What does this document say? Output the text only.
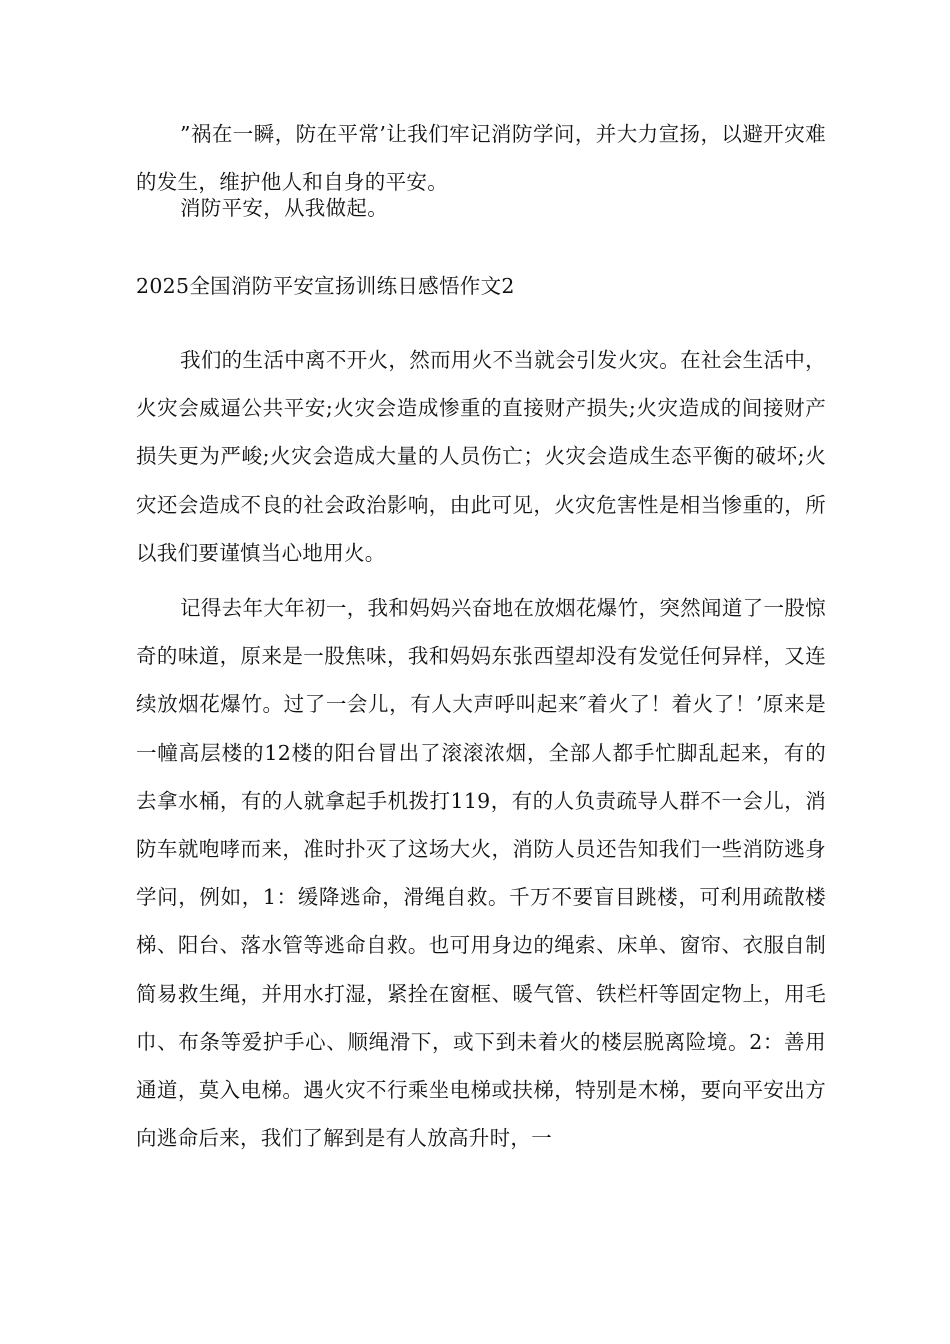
”祸在一瞬，防在平常’让我们牢记消防学问，并大力宣扬，以避开灾难的发生，维护他人和自身的平安。

消防平安，从我做起。

2025全国消防平安宣扬训练日感悟作文2

我们的生活中离不开火，然而用火不当就会引发火灾。在社会生活中，火灾会威逼公共平安;火灾会造成惨重的直接财产损失;火灾造成的间接财产损失更为严峻;火灾会造成大量的人员伤亡；火灾会造成生态平衡的破坏;火灾还会造成不良的社会政治影响，由此可见，火灾危害性是相当惨重的，所以我们要谨慎当心地用火。

记得去年大年初一，我和妈妈兴奋地在放烟花爆竹，突然闻道了一股惊奇的味道，原来是一股焦味，我和妈妈东张西望却没有发觉任何异样，又连续放烟花爆竹。过了一会儿，有人大声呼叫起来″着火了！着火了！’原来是一幢高层楼的12楼的阳台冒出了滚滚浓烟，全部人都手忙脚乱起来，有的去拿水桶，有的人就拿起手机拨打119，有的人负责疏导人群不一会儿，消防车就咆哮而来，准时扑灭了这场大火，消防人员还告知我们一些消防逃身学问，例如，1：缓降逃命，滑绳自救。千万不要盲目跳楼，可利用疏散楼梯、阳台、落水管等逃命自救。也可用身边的绳索、床单、窗帘、衣服自制简易救生绳，并用水打湿，紧拴在窗框、暖气管、铁栏杆等固定物上，用毛巾、布条等爱护手心、顺绳滑下，或下到未着火的楼层脱离险境。2：善用通道，莫入电梯。遇火灾不行乘坐电梯或扶梯，特别是木梯，要向平安出方向逃命后来，我们了解到是有人放高升时，一
